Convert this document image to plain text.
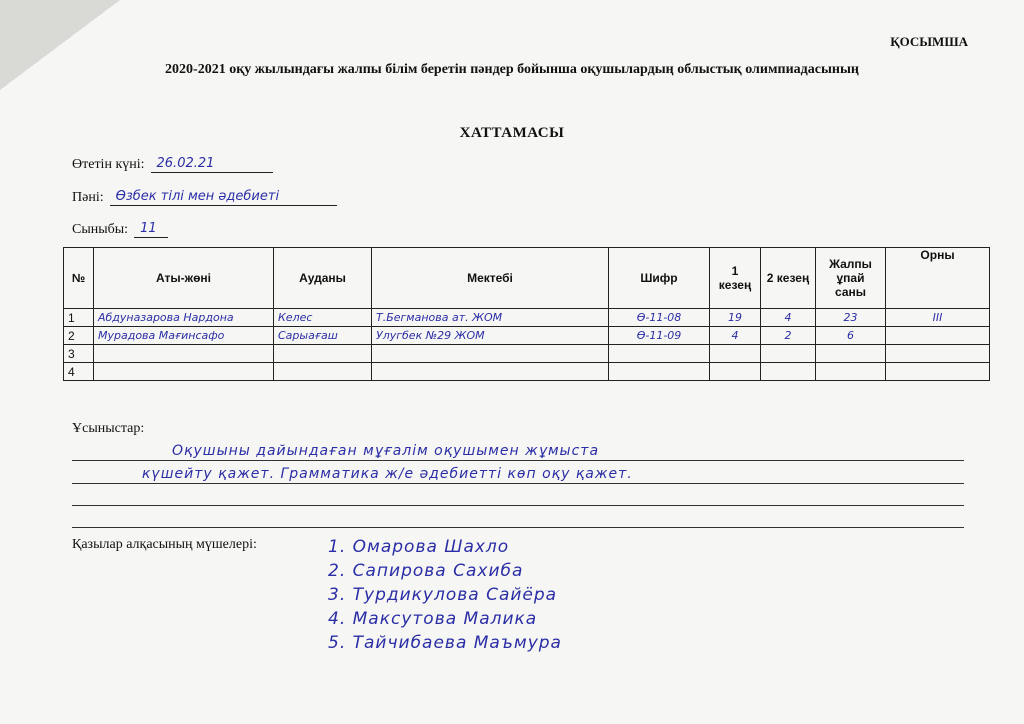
ҚОСЫМША
2020-2021 оқу жылындағы жалпы білім беретін пәндер бойынша оқушылардың облыстық олимпиадасының
ХАТТАМАСЫ
Өтетін күні: 26.02.21
Пәні: Өзбек тілі мен әдебиеті
Сыныбы: 11
№	Аты-жөні	Ауданы	Мектебі	Шифр	1 кезең	2 кезең	Жалпы ұпай саны	Орны
1	Абдуназарова Нардона	Келес	Т.Бегманова ат. ЖОМ	Ө-11-08	19	4	23	III
2	Мурадова Мағинсафо	Сарыағаш	Улугбек №29 ЖОМ	Ө-11-09	4	2	6	
3								
4								
Ұсыныстар:
Оқушыны дайындаған мұғалім оқушымен жұмыста
күшейту қажет. Грамматика ж/е әдебиетті көп оқу қажет.
Қазылар алқасының мүшелері:	1. Омарова Шахло
2. Сапирова Сахиба
3. Турдикулова Сайёра
4. Максутова Малика
5. Тайчибаева Маъмура
